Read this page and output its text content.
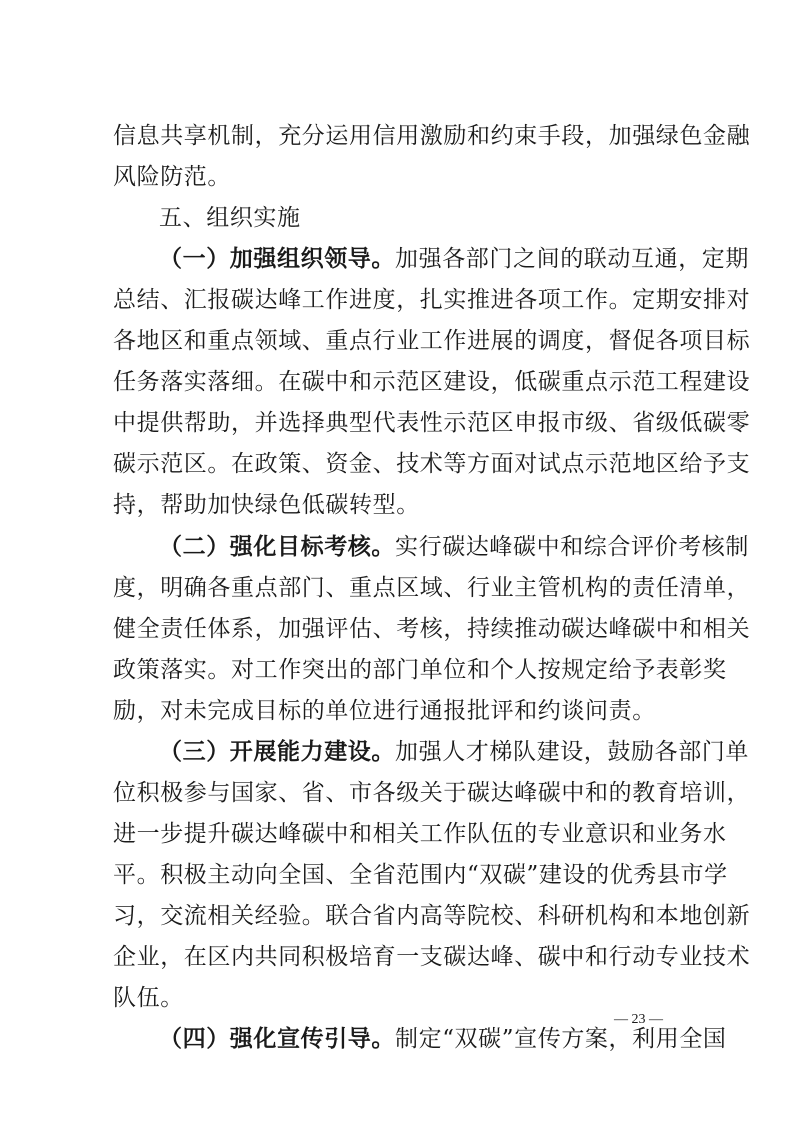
信息共享机制，充分运用信用激励和约束手段，加强绿色金融
风险防范。
五、组织实施
（一）加强组织领导。加强各部门之间的联动互通，定期
总结、汇报碳达峰工作进度，扎实推进各项工作。定期安排对
各地区和重点领域、重点行业工作进展的调度，督促各项目标
任务落实落细。在碳中和示范区建设，低碳重点示范工程建设
中提供帮助，并选择典型代表性示范区申报市级、省级低碳零
碳示范区。在政策、资金、技术等方面对试点示范地区给予支
持，帮助加快绿色低碳转型。
（二）强化目标考核。实行碳达峰碳中和综合评价考核制
度，明确各重点部门、重点区域、行业主管机构的责任清单，
健全责任体系，加强评估、考核，持续推动碳达峰碳中和相关
政策落实。对工作突出的部门单位和个人按规定给予表彰奖
励，对未完成目标的单位进行通报批评和约谈问责。
（三）开展能力建设。加强人才梯队建设，鼓励各部门单
位积极参与国家、省、市各级关于碳达峰碳中和的教育培训，
进一步提升碳达峰碳中和相关工作队伍的专业意识和业务水
平。积极主动向全国、全省范围内“双碳”建设的优秀县市学
习，交流相关经验。联合省内高等院校、科研机构和本地创新
企业，在区内共同积极培育一支碳达峰、碳中和行动专业技术
队伍。
（四）强化宣传引导。制定“双碳”宣传方案，利用全国
— 23 —
